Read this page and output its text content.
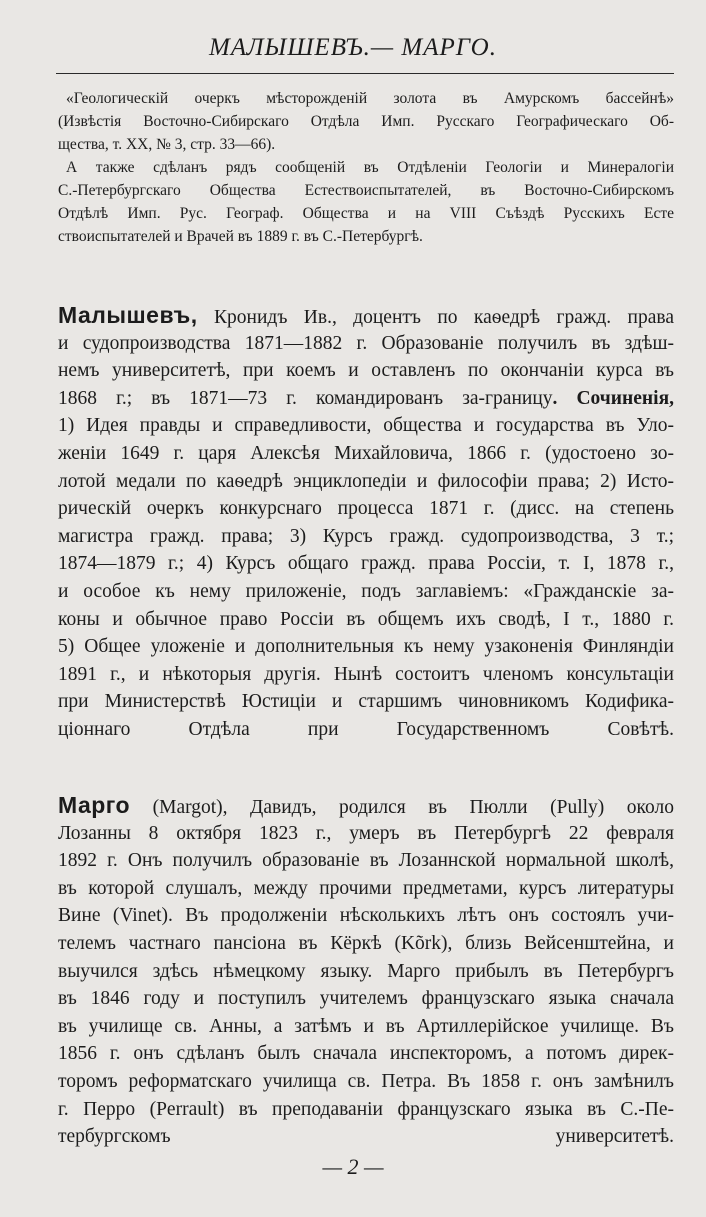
МАЛЫШЕВЪ.— МАРГО.
«Геологическій очеркъ мѣсторожденій золота въ Амурскомъ бассейнѣ»
(Извѣстія Восточно-Сибирскаго Отдѣла Имп. Русскаго Географическаго Об-
щества, т. XX, № 3, стр. 33—66).
А также сдѣланъ рядъ сообщеній въ Отдѣленіи Геологіи и Минералогіи
С.-Петербургскаго Общества Естествоиспытателей, въ Восточно-Сибирскомъ
Отдѣлѣ Имп. Рус. Географ. Общества и на VIII Съѣздѣ Русскихъ Есте
ствоиспытателей и Врачей въ 1889 г. въ С.-Петербургѣ.
Малышевъ, Кронидъ Ив., доцентъ по каѳедрѣ гражд. права
и судопроизводства 1871—1882 г. Образованіе получилъ въ здѣш-
немъ университетѣ, при коемъ и оставленъ по окончаніи курса въ
1868 г.; въ 1871—73 г. командированъ за-границу. Сочиненія,
1) Идея правды и справедливости, общества и государства въ Уло-
женіи 1649 г. царя Алексѣя Михайловича, 1866 г. (удостоено зо-
лотой медали по каѳедрѣ энциклопедіи и философіи права; 2) Исто-
рическій очеркъ конкурснаго процесса 1871 г. (дисс. на степень
магистра гражд. права; 3) Курсъ гражд. судопроизводства, 3 т.;
1874—1879 г.; 4) Курсъ общаго гражд. права Россіи, т. I, 1878 г.,
и особое къ нему приложеніе, подъ заглавіемъ: «Гражданскіе за-
коны и обычное право Россіи въ общемъ ихъ сводѣ, I т., 1880 г.
5) Общее уложеніе и дополнительныя къ нему узаконенія Финляндіи
1891 г., и нѣкоторыя другія. Нынѣ состоитъ членомъ консультаціи
при Министерствѣ Юстиціи и старшимъ чиновникомъ Кодифика-
ціоннаго Отдѣла при Государственномъ Совѣтѣ.
Марго (Margot), Давидъ, родился въ Пюлли (Pully) около
Лозанны 8 октября 1823 г., умеръ въ Петербургѣ 22 февраля
1892 г. Онъ получилъ образованіе въ Лозаннской нормальной школѣ,
въ которой слушалъ, между прочими предметами, курсъ литературы
Вине (Vinet). Въ продолженіи нѣсколькихъ лѣтъ онъ состоялъ учи-
телемъ частнаго пансіона въ Кёркѣ (Kõrk), близь Вейсенштейна, и
выучился здѣсь нѣмецкому языку. Марго прибылъ въ Петербургъ
въ 1846 году и поступилъ учителемъ французскаго языка сначала
въ училище св. Анны, а затѣмъ и въ Артиллерійское училище. Въ
1856 г. онъ сдѣланъ былъ сначала инспекторомъ, а потомъ дирек-
торомъ реформатскаго училища св. Петра. Въ 1858 г. онъ замѣнилъ
г. Перро (Perrault) въ преподаваніи французскаго языка въ С.-Пе-
тербургскомъ университетѣ.
— 2 —
